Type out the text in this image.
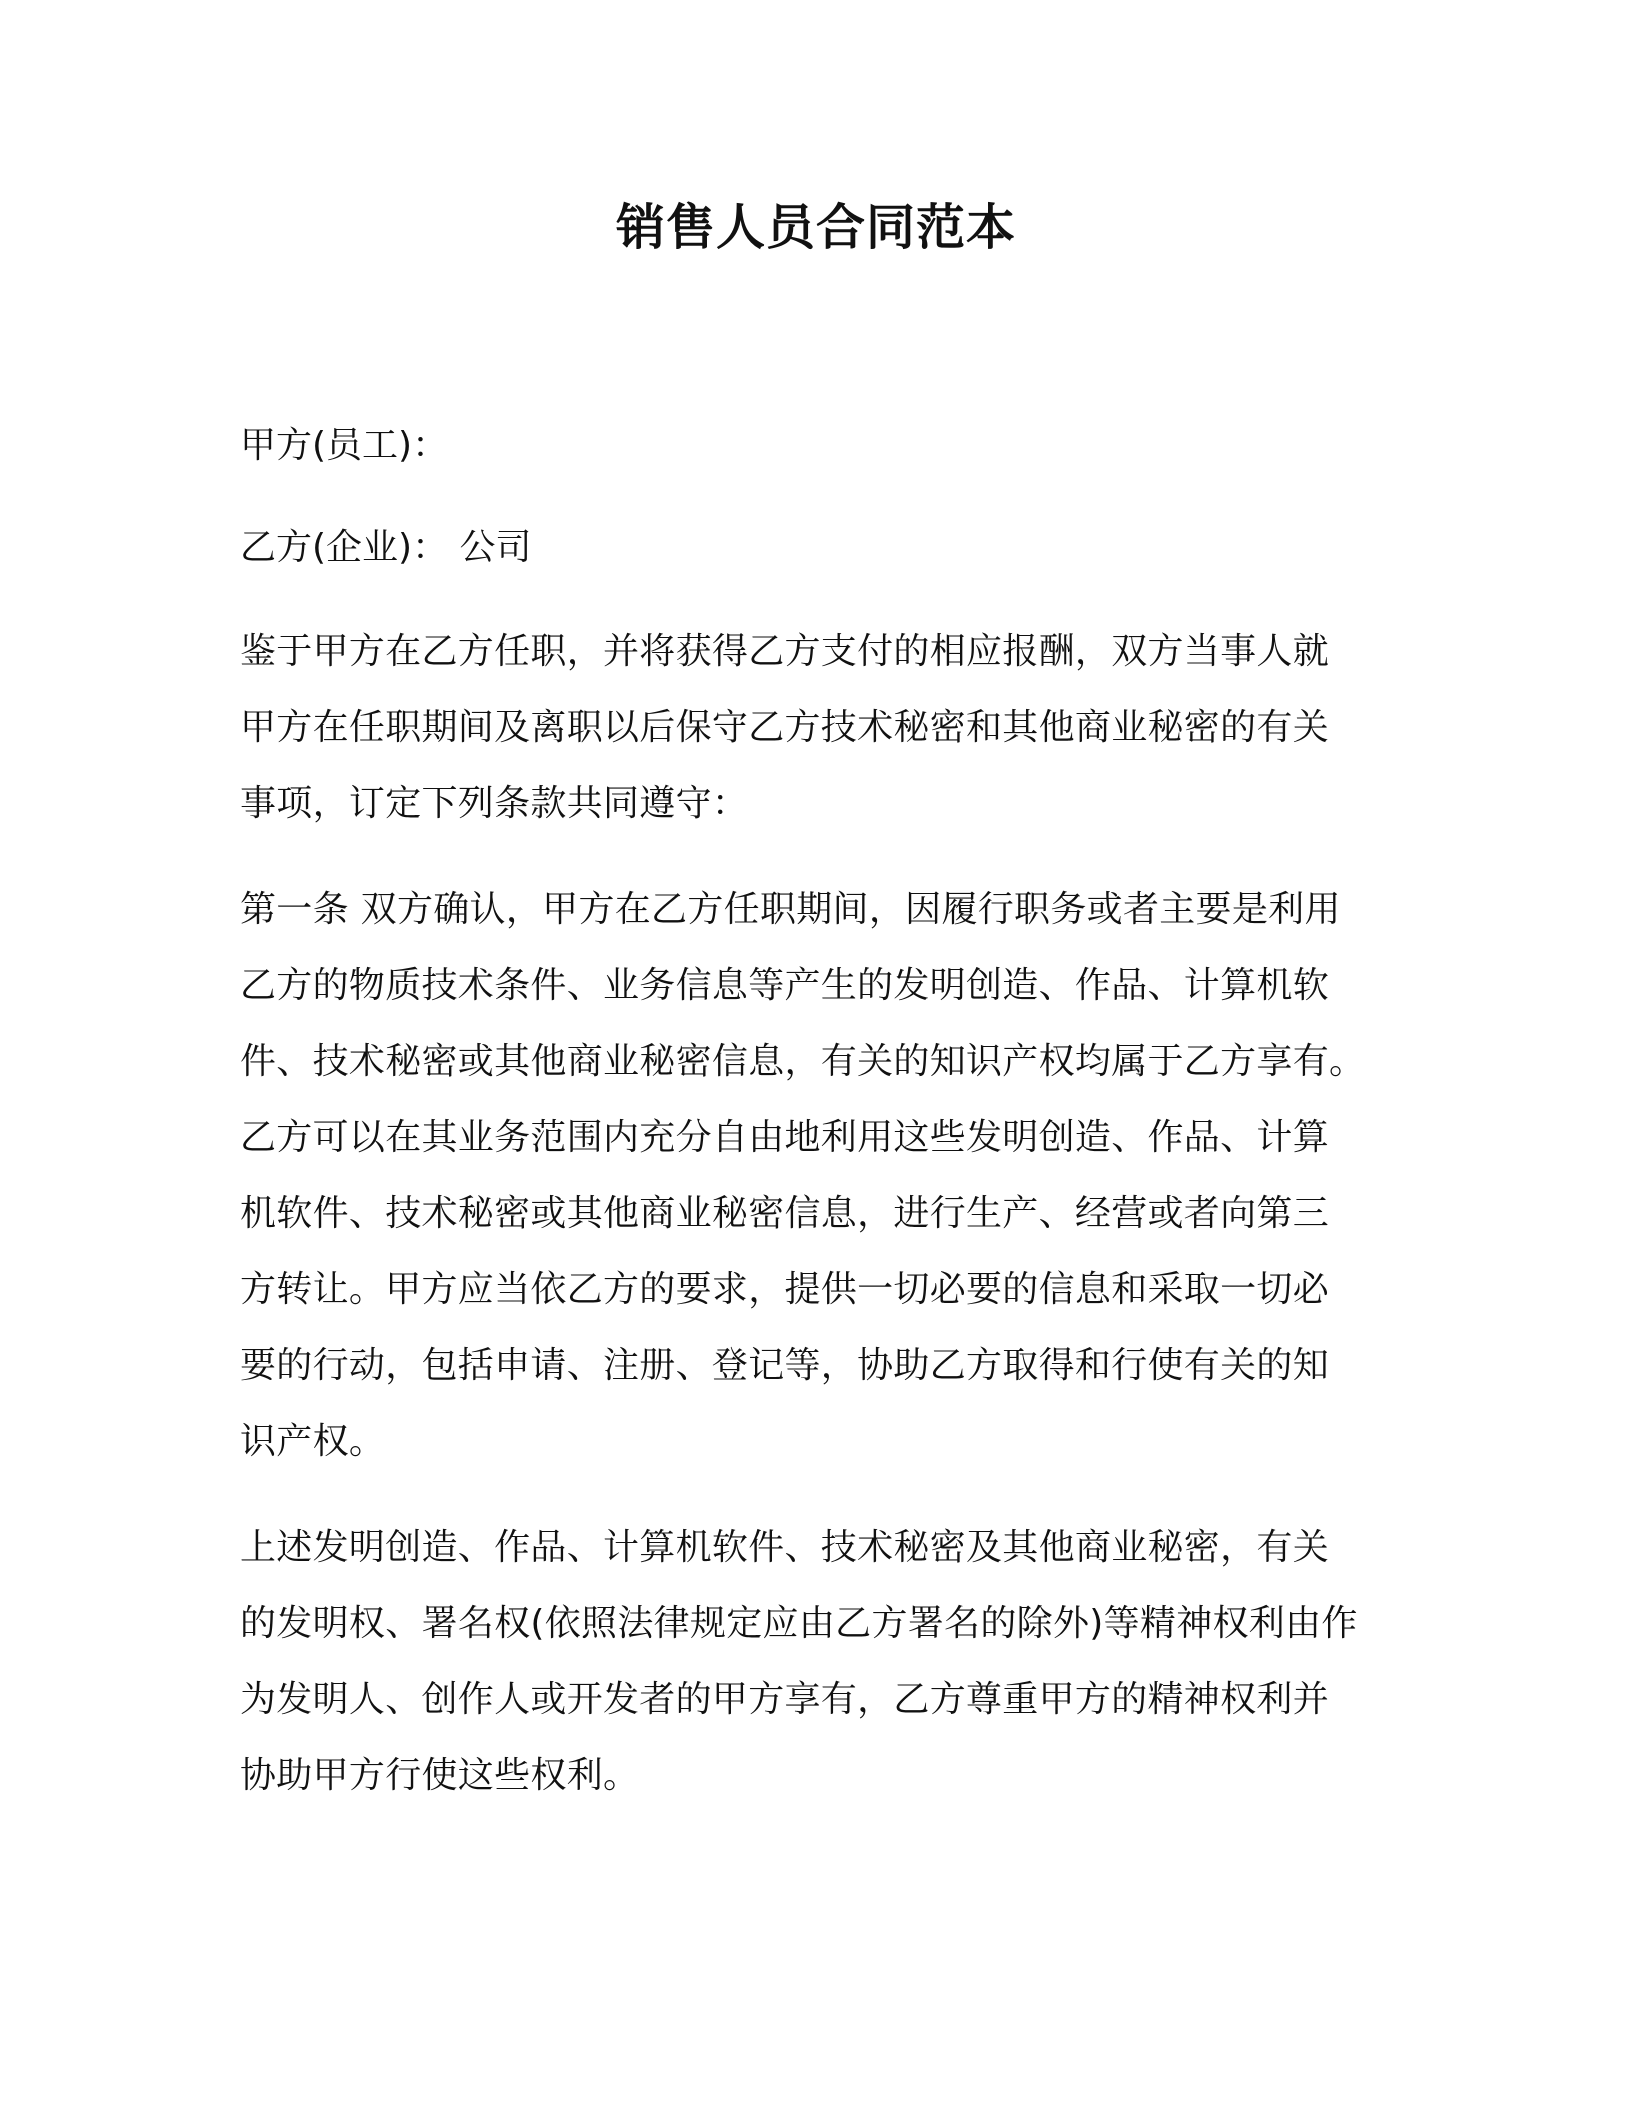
销售人员合同范本
甲方(员工)：
乙方(企业)： 公司
鉴于甲方在乙方任职，并将获得乙方支付的相应报酬，双方当事人就
甲方在任职期间及离职以后保守乙方技术秘密和其他商业秘密的有关
事项，订定下列条款共同遵守：
第一条 双方确认，甲方在乙方任职期间，因履行职务或者主要是利用
乙方的物质技术条件、业务信息等产生的发明创造、作品、计算机软
件、技术秘密或其他商业秘密信息，有关的知识产权均属于乙方享有。
乙方可以在其业务范围内充分自由地利用这些发明创造、作品、计算
机软件、技术秘密或其他商业秘密信息，进行生产、经营或者向第三
方转让。甲方应当依乙方的要求，提供一切必要的信息和采取一切必
要的行动，包括申请、注册、登记等，协助乙方取得和行使有关的知
识产权。
上述发明创造、作品、计算机软件、技术秘密及其他商业秘密，有关
的发明权、署名权(依照法律规定应由乙方署名的除外)等精神权利由作
为发明人、创作人或开发者的甲方享有，乙方尊重甲方的精神权利并
协助甲方行使这些权利。
